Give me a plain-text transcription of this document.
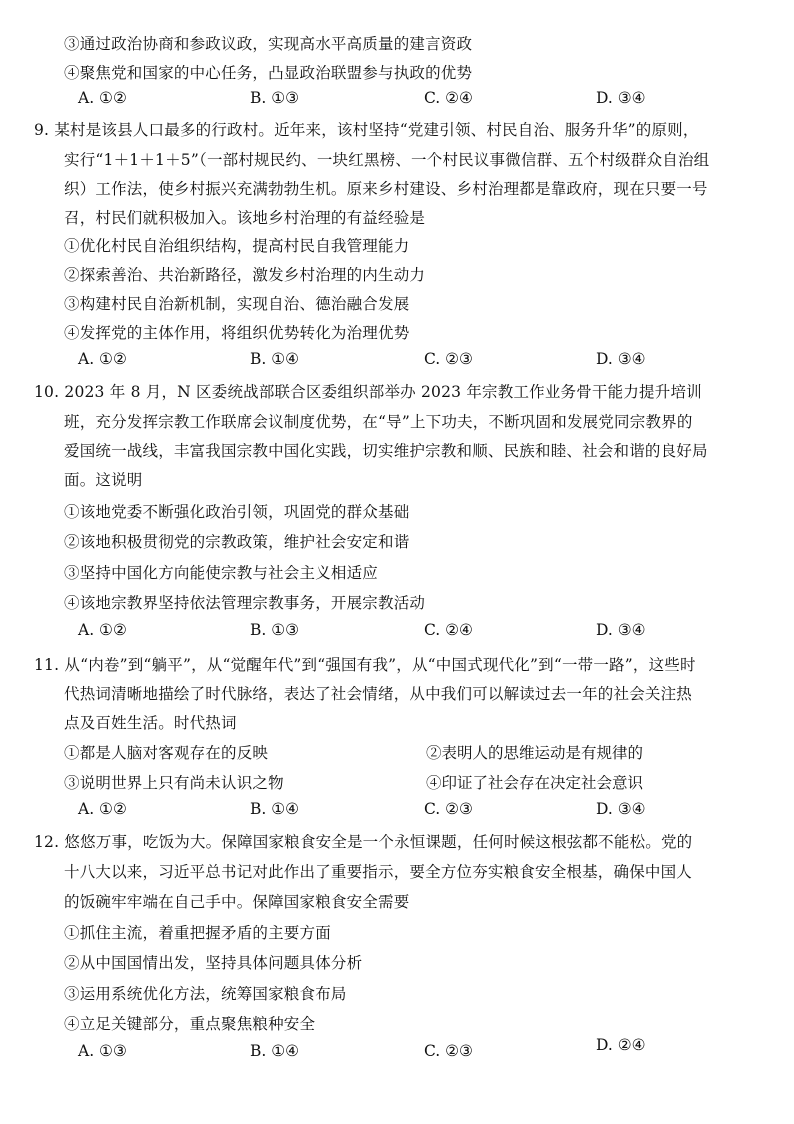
③通过政治协商和参政议政，实现高水平高质量的建言资政
④聚焦党和国家的中心任务，凸显政治联盟参与执政的优势
A. ①②	B. ①③	C. ②④	D. ③④
9. 某村是该县人口最多的行政村。近年来，该村坚持“党建引领、村民自治、服务升华”的原则，
实行“1＋1＋1＋5”（一部村规民约、一块红黑榜、一个村民议事微信群、五个村级群众自治组
织）工作法，使乡村振兴充满勃勃生机。原来乡村建设、乡村治理都是靠政府，现在只要一号
召，村民们就积极加入。该地乡村治理的有益经验是
①优化村民自治组织结构，提高村民自我管理能力
②探索善治、共治新路径，激发乡村治理的内生动力
③构建村民自治新机制，实现自治、德治融合发展
④发挥党的主体作用，将组织优势转化为治理优势
A. ①②	B. ①④	C. ②③	D. ③④
10. 2023 年 8 月，N 区委统战部联合区委组织部举办 2023 年宗教工作业务骨干能力提升培训
班，充分发挥宗教工作联席会议制度优势，在“导”上下功夫，不断巩固和发展党同宗教界的
爱国统一战线，丰富我国宗教中国化实践，切实维护宗教和顺、民族和睦、社会和谐的良好局
面。这说明
①该地党委不断强化政治引领，巩固党的群众基础
②该地积极贯彻党的宗教政策，维护社会安定和谐
③坚持中国化方向能使宗教与社会主义相适应
④该地宗教界坚持依法管理宗教事务，开展宗教活动
A. ①②	B. ①③	C. ②④	D. ③④
11. 从“内卷”到“躺平”，从“觉醒年代”到“强国有我”，从“中国式现代化”到“一带一路”，这些时
代热词清晰地描绘了时代脉络，表达了社会情绪，从中我们可以解读过去一年的社会关注热
点及百姓生活。时代热词
①都是人脑对客观存在的反映	②表明人的思维运动是有规律的
③说明世界上只有尚未认识之物	④印证了社会存在决定社会意识
A. ①②	B. ①④	C. ②③	D. ③④
12. 悠悠万事，吃饭为大。保障国家粮食安全是一个永恒课题，任何时候这根弦都不能松。党的
十八大以来，习近平总书记对此作出了重要指示，要全方位夯实粮食安全根基，确保中国人
的饭碗牢牢端在自己手中。保障国家粮食安全需要
①抓住主流，着重把握矛盾的主要方面
②从中国国情出发，坚持具体问题具体分析
③运用系统优化方法，统筹国家粮食布局
④立足关键部分，重点聚焦粮种安全
A. ①③	B. ①④	C. ②③	D. ②④
